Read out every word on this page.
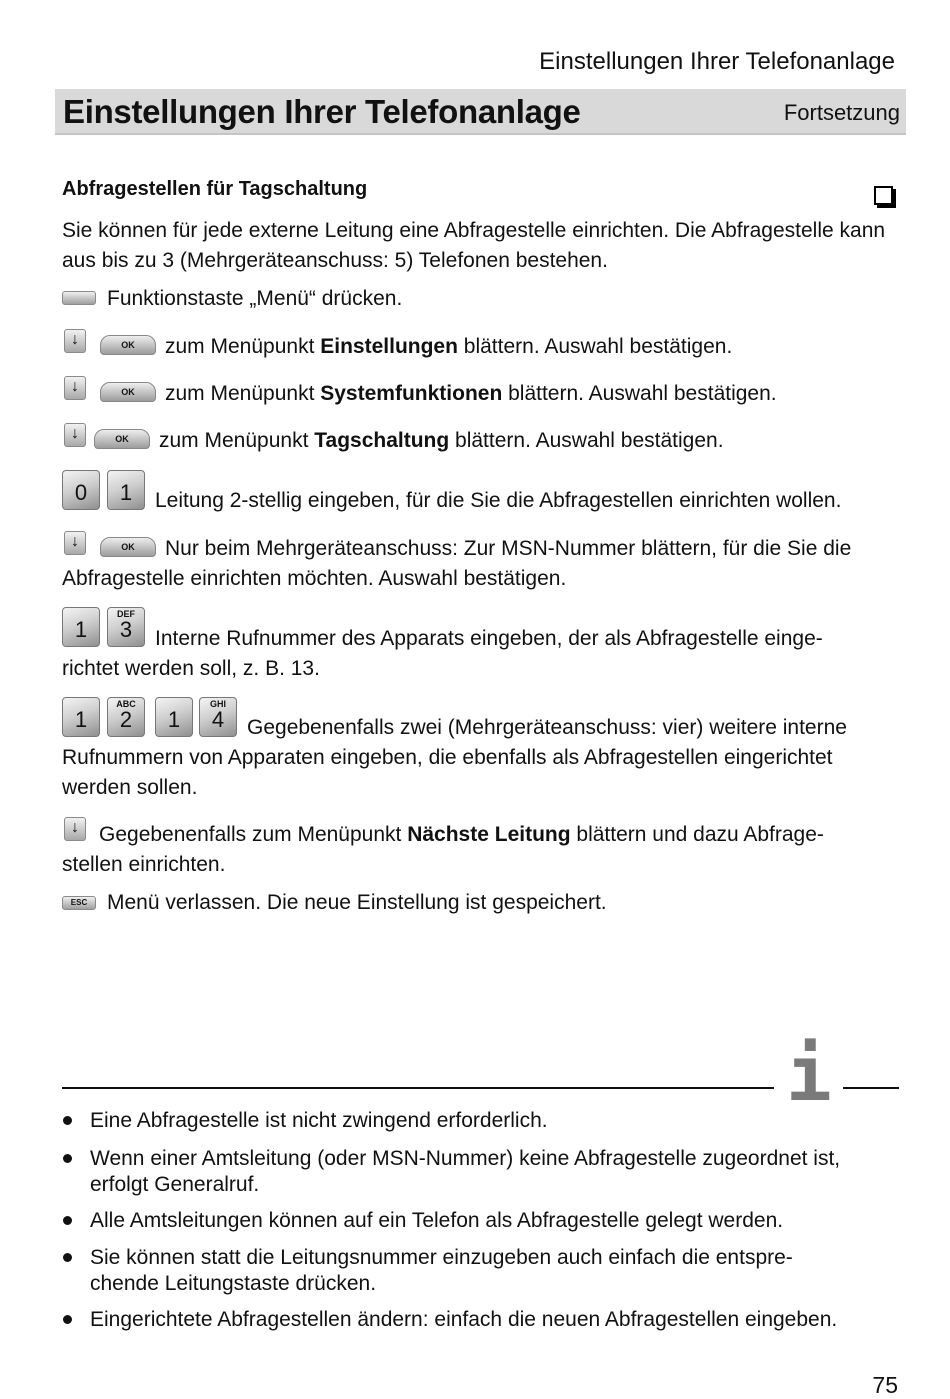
Einstellungen Ihrer Telefonanlage
Einstellungen Ihrer Telefonanlage	Fortsetzung
Abfragestellen für Tagschaltung
Sie können für jede externe Leitung eine Abfragestelle einrichten. Die Abfragestelle kann aus bis zu 3 (Mehrgeräteanschuss: 5) Telefonen bestehen.
Funktionstaste „Menü“ drücken.
↓	OK	zum Menüpunkt Einstellungen blättern. Auswahl bestätigen.
↓	OK	zum Menüpunkt Systemfunktionen blättern. Auswahl bestätigen.
↓	OK	zum Menüpunkt Tagschaltung blättern. Auswahl bestätigen.
0	1	Leitung 2-stellig eingeben, für die Sie die Abfragestellen einrichten wollen.
↓	OK	Nur beim Mehrgeräteanschuss: Zur MSN-Nummer blättern, für die Sie die
Abfragestelle einrichten möchten. Auswahl bestätigen.
1
DEF
3	Interne Rufnummer des Apparats eingeben, der als Abfragestelle einge-
richtet werden soll, z. B. 13.
1
ABC
2	1
GHI
4	Gegebenenfalls zwei (Mehrgeräteanschuss: vier) weitere interne
Rufnummern von Apparaten eingeben, die ebenfalls als Abfragestellen eingerichtet
werden sollen.
↓ Gegebenenfalls zum Menüpunkt Nächste Leitung blättern und dazu Abfrage-
stellen einrichten.
ESC Menü verlassen. Die neue Einstellung ist gespeichert.
i
Eine Abfragestelle ist nicht zwingend erforderlich.
Wenn einer Amtsleitung (oder MSN-Nummer) keine Abfragestelle zugeordnet ist,
erfolgt Generalruf.
Alle Amtsleitungen können auf ein Telefon als Abfragestelle gelegt werden.
Sie können statt die Leitungsnummer einzugeben auch einfach die entspre-
chende Leitungstaste drücken.
Eingerichtete Abfragestellen ändern: einfach die neuen Abfragestellen eingeben.
75
